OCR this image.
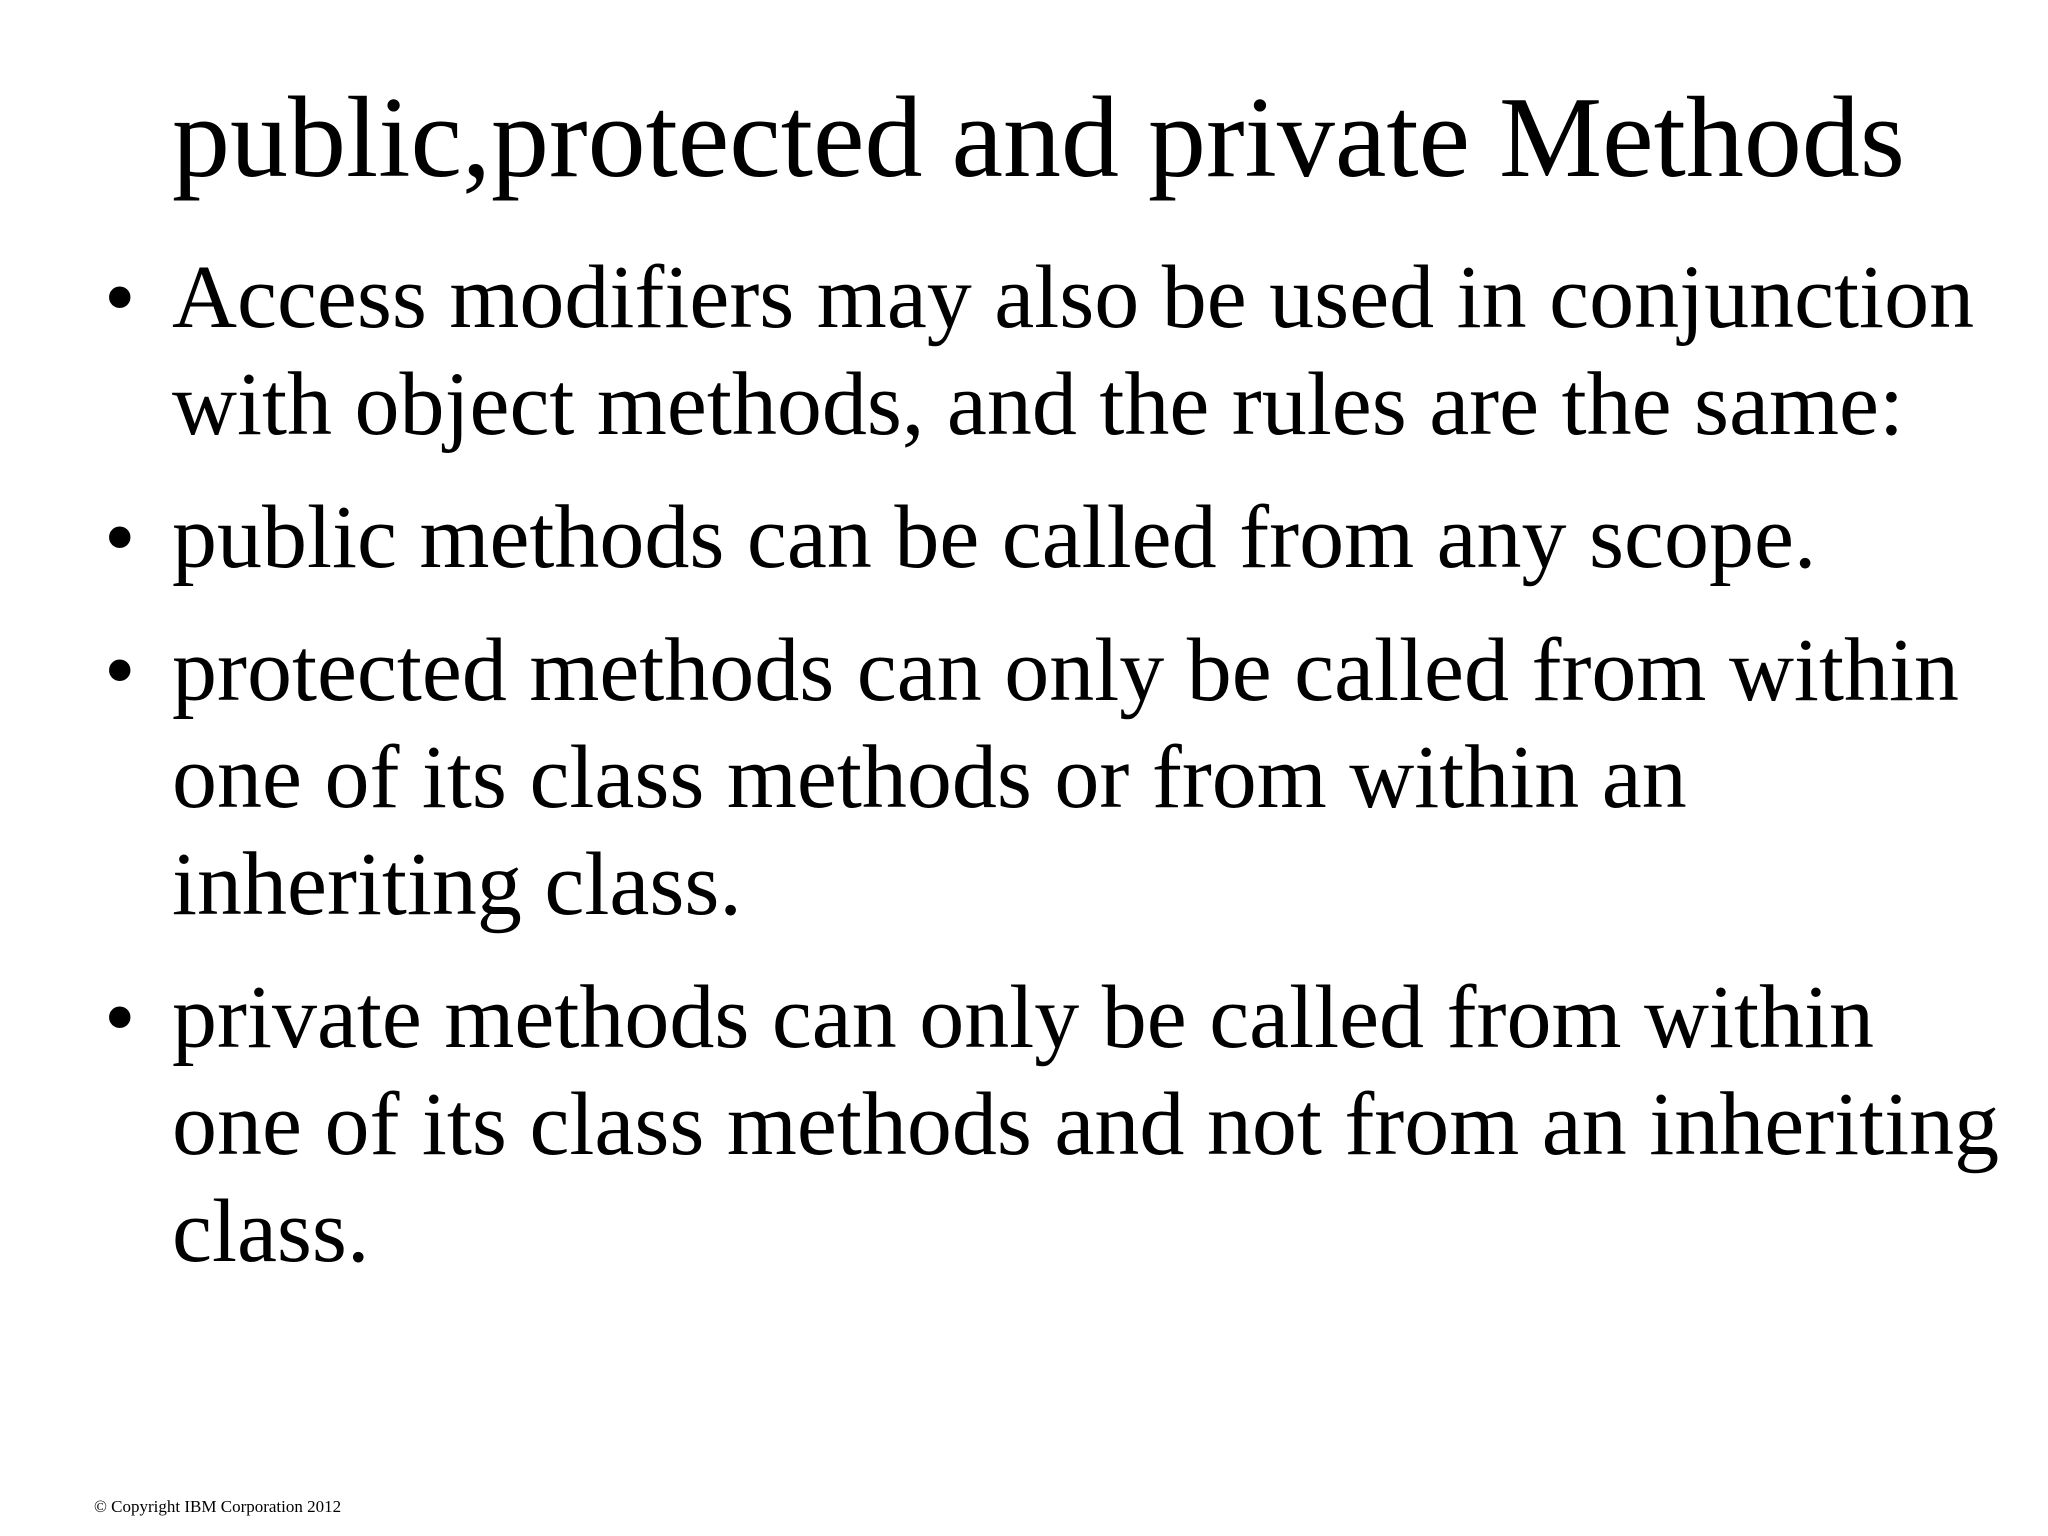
public,protected and private Methods
• Access modifiers may also be used in conjunction with object methods, and the rules are the same:
• public methods can be called from any scope.
• protected methods can only be called from within one of its class methods or from within an inheriting class.
• private methods can only be called from within one of its class methods and not from an inheriting class.
© Copyright IBM Corporation 2012
